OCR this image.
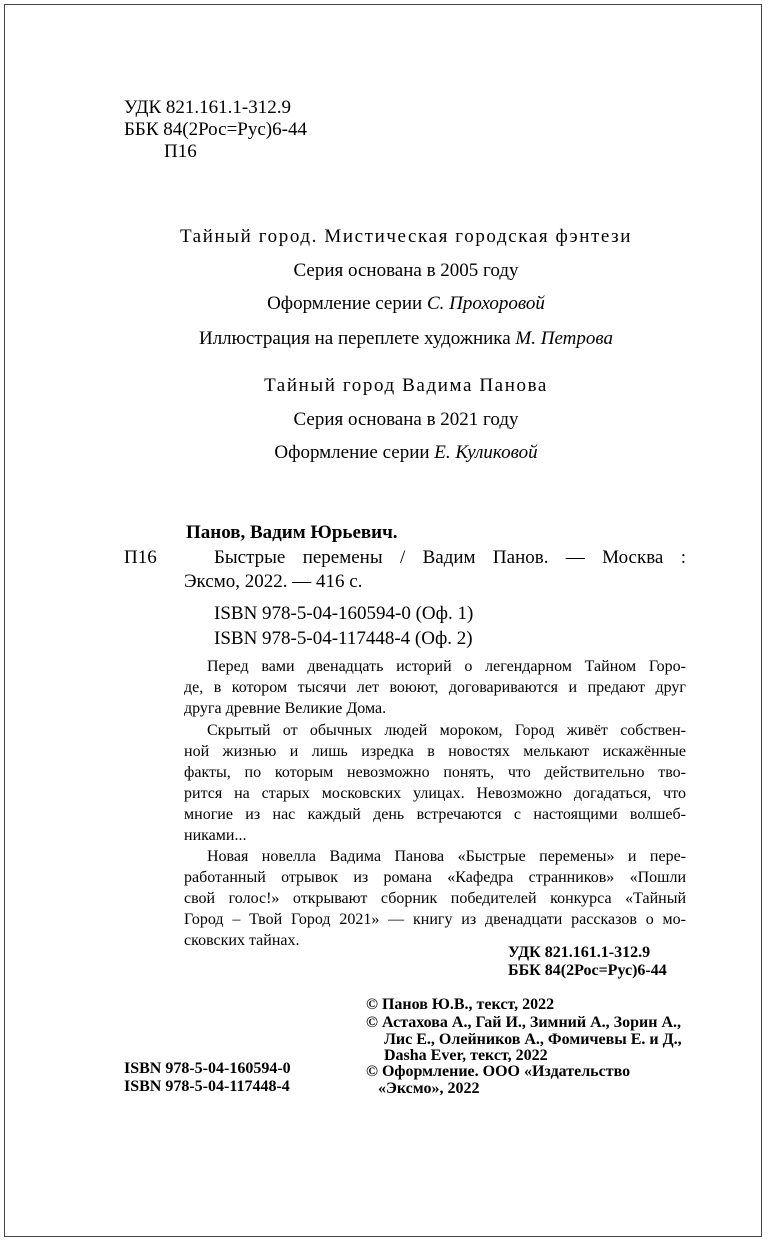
УДК 821.161.1-312.9
ББК 84(2Рос=Рус)6-44
П16
Тайный город. Мистическая городская фэнтези
Серия основана в 2005 году
Оформление серии С. Прохоровой
Иллюстрация на переплете художника М. Петрова
Тайный город Вадима Панова
Серия основана в 2021 году
Оформление серии Е. Куликовой
Панов, Вадим Юрьевич.
П16	Быстрые перемены / Вадим Панов. — Москва :
Эксмо, 2022. — 416 с.
ISBN 978-5-04-160594-0 (Оф. 1)
ISBN 978-5-04-117448-4 (Оф. 2)
Перед вами двенадцать историй о легендарном Тайном Горо-
де, в котором тысячи лет воюют, договариваются и предают друг
друга древние Великие Дома.
Скрытый от обычных людей мороком, Город живёт собствен-
ной жизнью и лишь изредка в новостях мелькают искажённые
факты, по которым невозможно понять, что действительно тво-
рится на старых московских улицах. Невозможно догадаться, что
многие из нас каждый день встречаются с настоящими волшеб-
никами...
Новая новелла Вадима Панова «Быстрые перемены» и пере-
работанный отрывок из романа «Кафедра странников» «Пошли
свой голос!» открывают сборник победителей конкурса «Тайный
Город – Твой Город 2021» — книгу из двенадцати рассказов о мо-
сковских тайнах.
УДК 821.161.1-312.9
ББК 84(2Рос=Рус)6-44
© Панов Ю.В., текст, 2022
© Астахова А., Гай И., Зимний А., Зорин А.,
Лис Е., Олейников А., Фомичевы Е. и Д.,
Dasha Ever, текст, 2022
© Оформление. ООО «Издательство
«Эксмо», 2022
ISBN 978-5-04-160594-0
ISBN 978-5-04-117448-4
